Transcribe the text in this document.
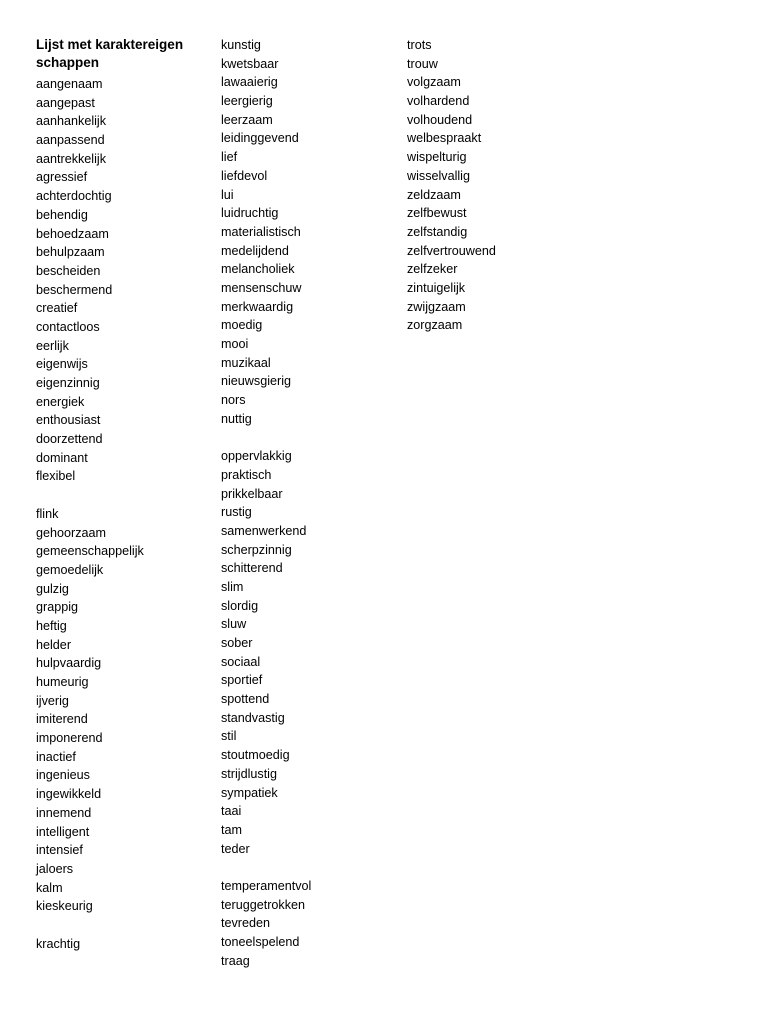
Lijst met karaktereigenschappen
aangenaam
aangepast
aanhankelijk
aanpassend
aantrekkelijk
agressief
achterdochtig
behendig
behoedzaam
behulpzaam
bescheiden
beschermend
creatief
contactloos
eerlijk
eigenwijs
eigenzinnig
energiek
enthousiast
doorzettend
dominant
flexibel
flink
gehoorzaam
gemeenschappelijk
gemoedelijk
gulzig
grappig
heftig
helder
hulpvaardig
humeurig
ijverig
imiterend
imponerend
inactief
ingenieus
ingewikkeld
innemend
intelligent
intensief
jaloers
kalm
kieskeurig
krachtig
kunstig
kwetsbaar
lawaaierig
leergierig
leerzaam
leidinggevend
lief
liefdevol
lui
luidruchtig
materialistisch
medelijdend
melancholiek
mensenschuw
merkwaardig
moedig
mooi
muzikaal
nieuwsgierig
nors
nuttig
oppervlakkig
praktisch
prikkelbaar
rustig
samenwerkend
scherpzinnig
schitterend
slim
slordig
sluw
sober
sociaal
sportief
spottend
standvastig
stil
stoutmoedig
strijdlustig
sympatiek
taai
tam
teder
temperamentvol
teruggetrokken
tevreden
toneelspelend
traag
trots
trouw
volgzaam
volhardend
volhoudend
welbespraakt
wispelturig
wisselvallig
zeldzaam
zelfbewust
zelfstandig
zelfvertrouwend
zelfzeker
zintuigelijk
zwijgzaam
zorgzaam
